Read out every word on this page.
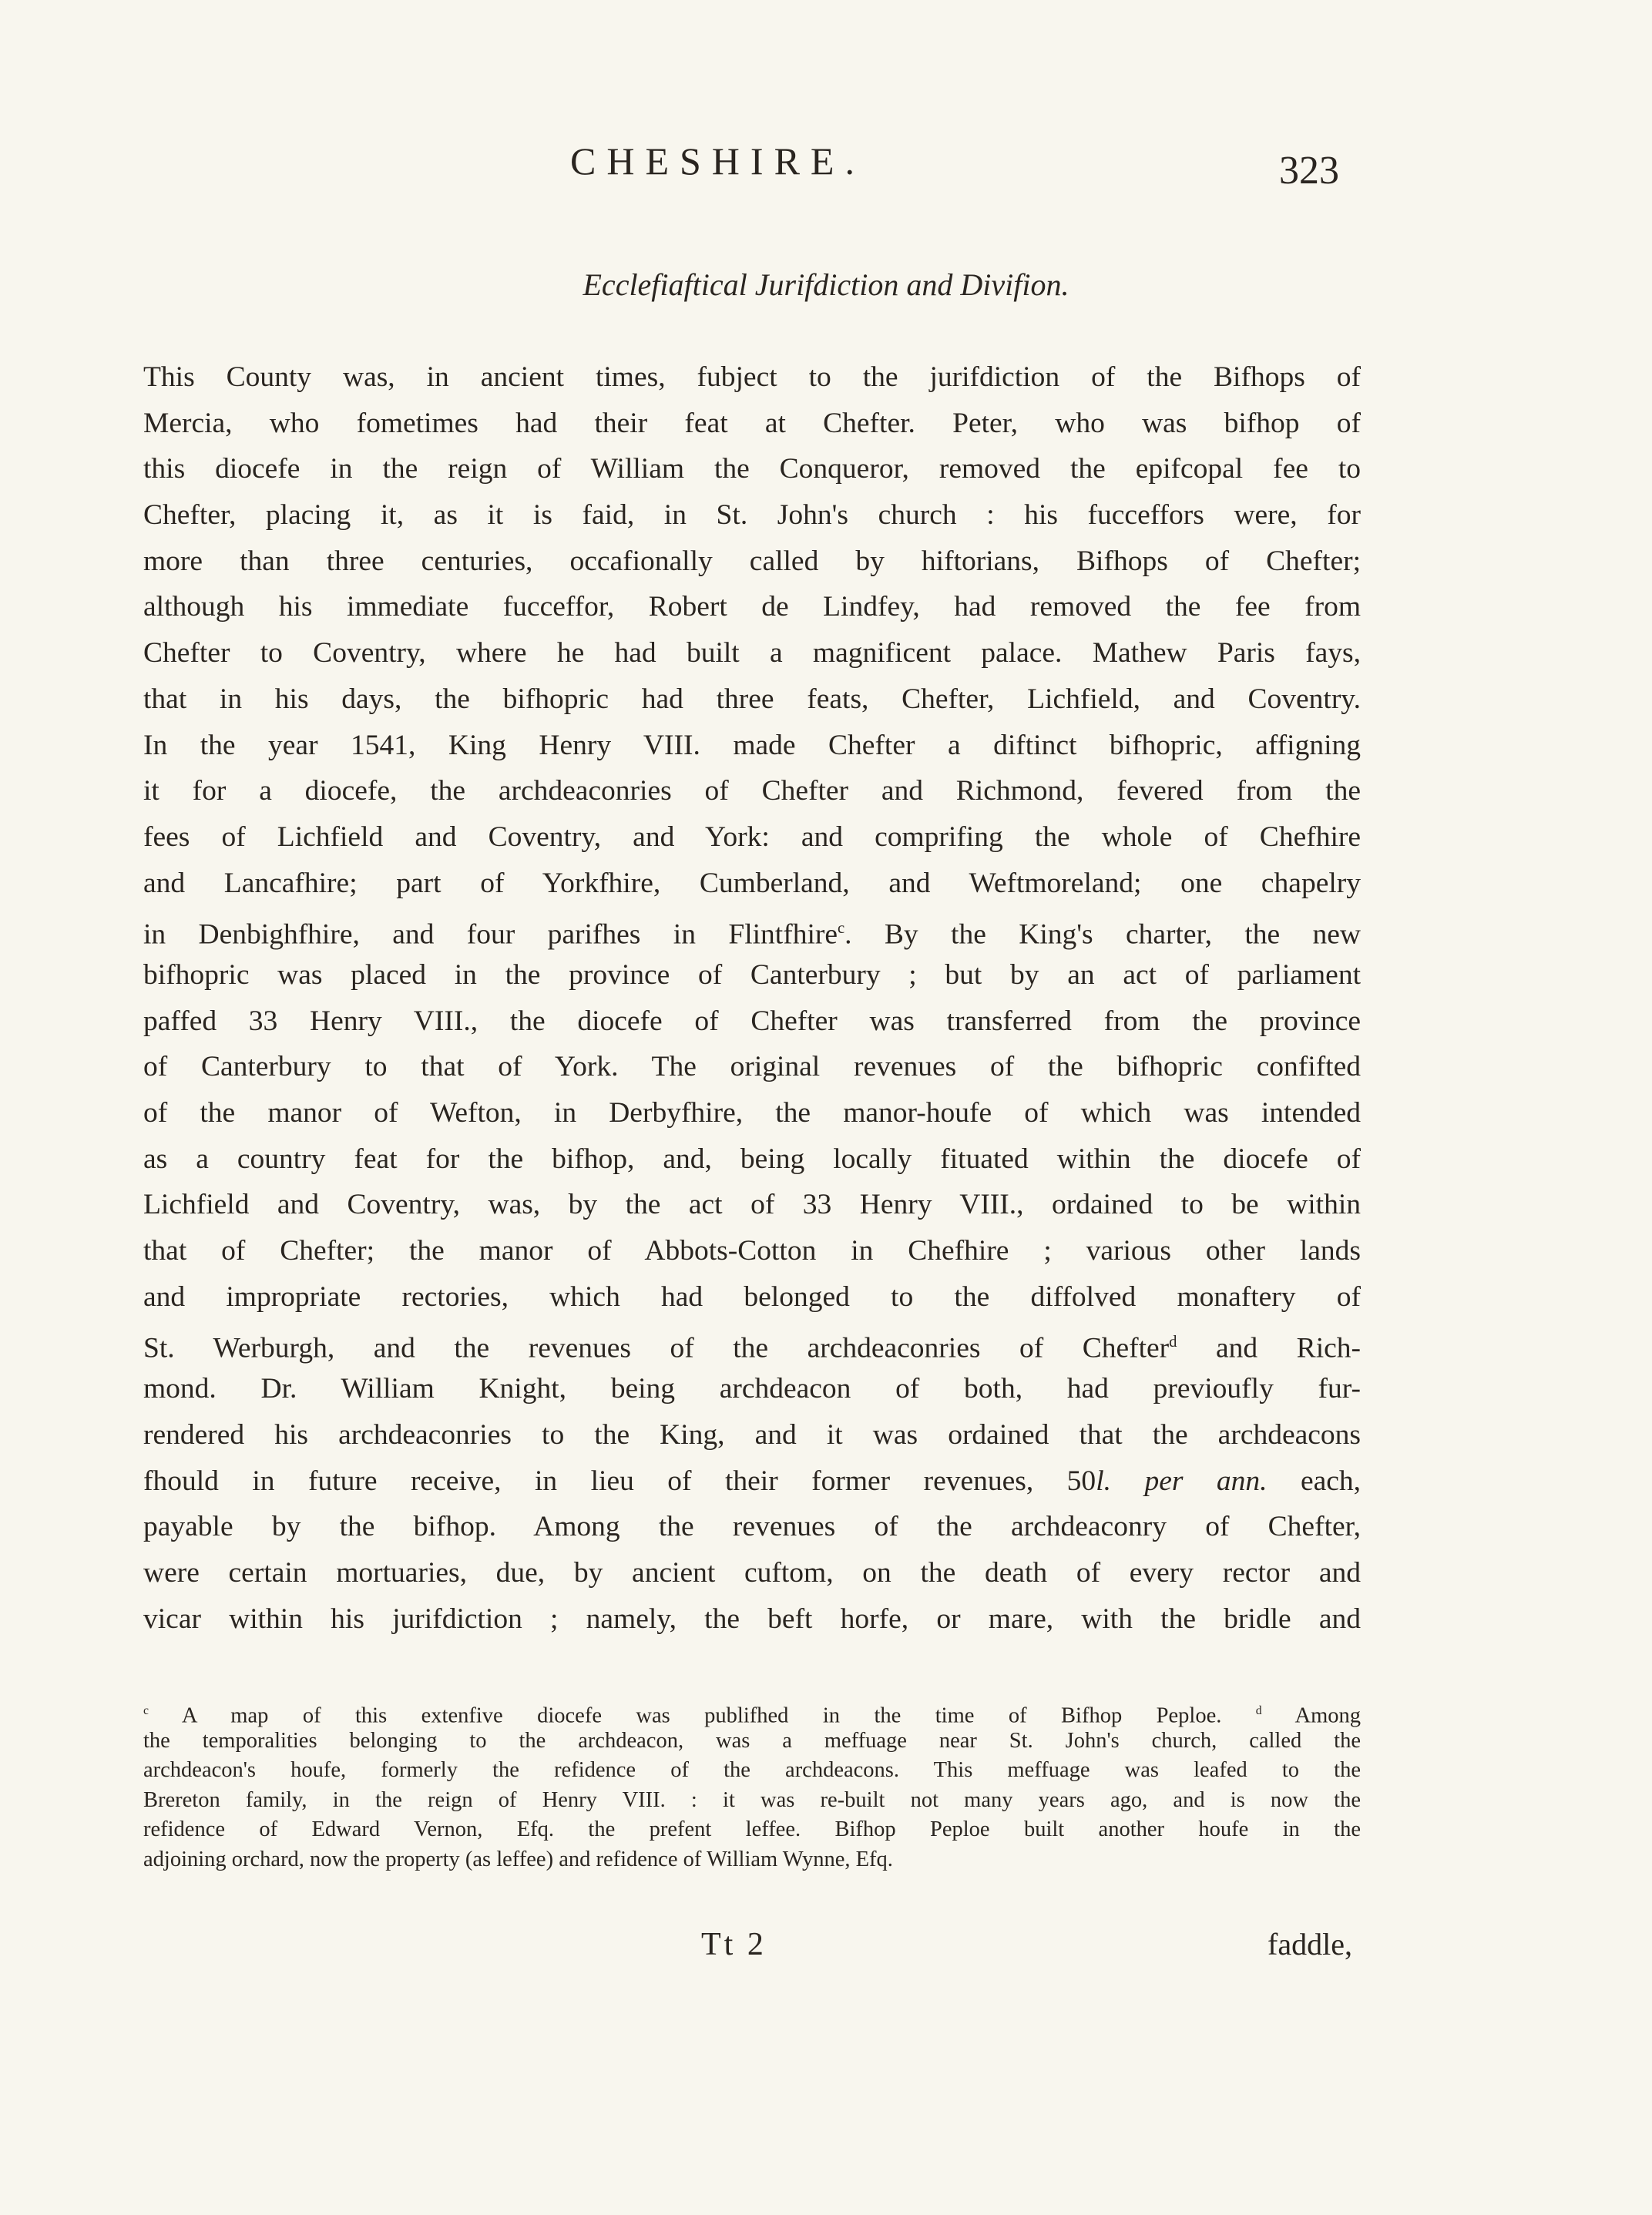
CHESHIRE.	323
Ecclefiaftical Jurifdiction and Divifion.
This County was, in ancient times, fubject to the jurifdiction of the Bifhops of
Mercia, who fometimes had their feat at Chefter. Peter, who was bifhop of
this diocefe in the reign of William the Conqueror, removed the epifcopal fee to
Chefter, placing it, as it is faid, in St. John's church : his fucceffors were, for
more than three centuries, occafionally called by hiftorians, Bifhops of Chefter;
although his immediate fucceffor, Robert de Lindfey, had removed the fee from
Chefter to Coventry, where he had built a magnificent palace. Mathew Paris fays,
that in his days, the bifhopric had three feats, Chefter, Lichfield, and Coventry.
In the year 1541, King Henry VIII. made Chefter a diftinct bifhopric, affigning
it for a diocefe, the archdeaconries of Chefter and Richmond, fevered from the
fees of Lichfield and Coventry, and York: and comprifing the whole of Chefhire
and Lancafhire; part of Yorkfhire, Cumberland, and Weftmoreland; one chapelry
in Denbighfhire, and four parifhes in Flintfhire$^c$. By the King's charter, the new
bifhopric was placed in the province of Canterbury ; but by an act of parliament
paffed 33 Henry VIII., the diocefe of Chefter was transferred from the province
of Canterbury to that of York. The original revenues of the bifhopric confifted
of the manor of Wefton, in Derbyfhire, the manor-houfe of which was intended
as a country feat for the bifhop, and, being locally fituated within the diocefe of
Lichfield and Coventry, was, by the act of 33 Henry VIII., ordained to be within
that of Chefter; the manor of Abbots-Cotton in Chefhire ; various other lands
and impropriate rectories, which had belonged to the diffolved monaftery of
St. Werburgh, and the revenues of the archdeaconries of Chefter$^d$ and Rich-
mond. Dr. William Knight, being archdeacon of both, had previoufly fur-
rendered his archdeaconries to the King, and it was ordained that the archdeacons
fhould in future receive, in lieu of their former revenues, 50l. per ann. each,
payable by the bifhop. Among the revenues of the archdeaconry of Chefter,
were certain mortuaries, due, by ancient cuftom, on the death of every rector and
vicar within his jurifdiction ; namely, the beft horfe, or mare, with the bridle and
$^c$ A map of this extenfive diocefe was publifhed in the time of Bifhop Peploe.	$^d$ Among
the temporalities belonging to the archdeacon, was a meffuage near St. John's church, called the
archdeacon's houfe, formerly the refidence of the archdeacons. This meffuage was leafed to the
Brereton family, in the reign of Henry VIII. : it was re-built not many years ago, and is now the
refidence of Edward Vernon, Efq. the prefent leffee. Bifhop Peploe built another houfe in the
adjoining orchard, now the property (as leffee) and refidence of William Wynne, Efq.
Tt 2	faddle,
